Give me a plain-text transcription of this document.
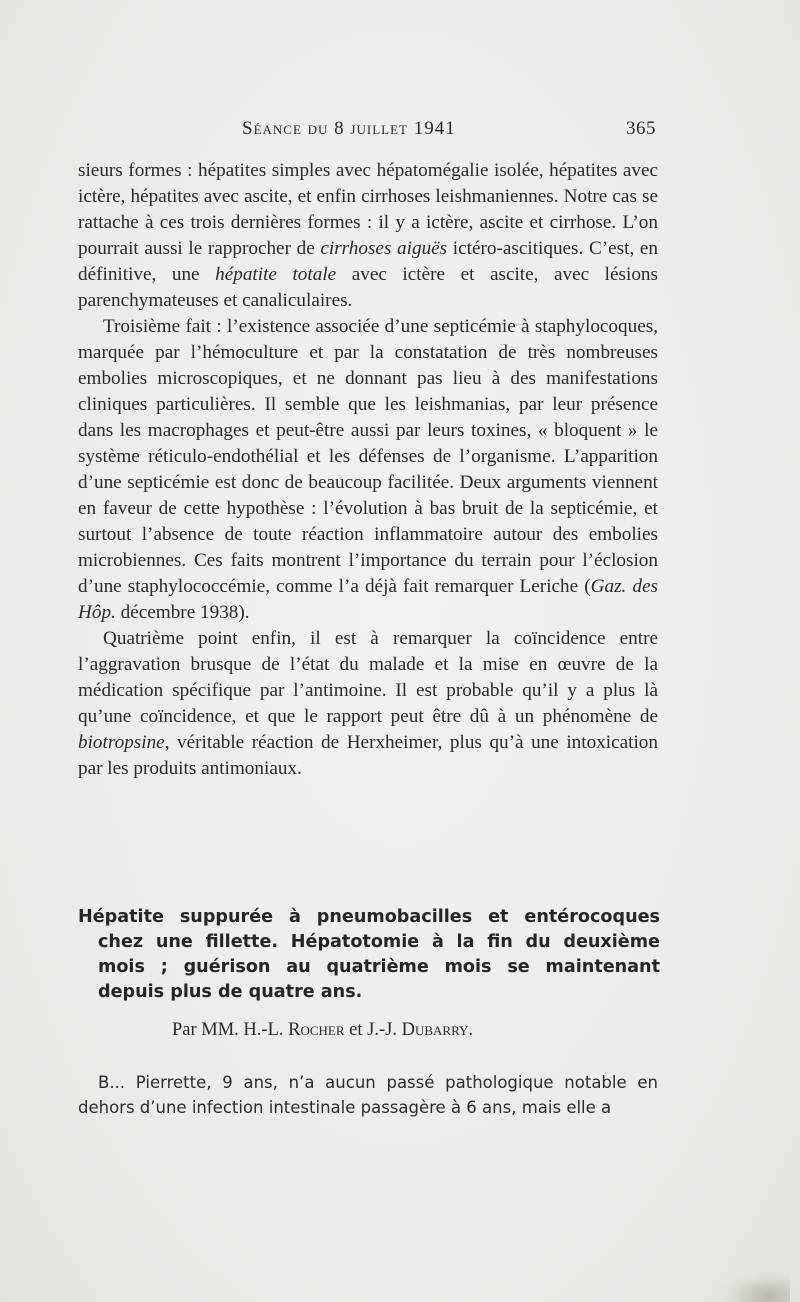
Séance du 8 juillet 1941	365

sieurs formes : hépatites simples avec hépatomégalie isolée, hépatites avec ictère, hépatites avec ascite, et enfin cirrhoses leishmaniennes. Notre cas se rattache à ces trois dernières formes : il y a ictère, ascite et cirrhose. L’on pourrait aussi le rapprocher de cirrhoses aiguës ictéro-ascitiques. C’est, en définitive, une hépatite totale avec ictère et ascite, avec lésions parenchymateuses et canaliculaires.

Troisième fait : l’existence associée d’une septicémie à staphylocoques, marquée par l’hémoculture et par la constatation de très nombreuses embolies microscopiques, et ne donnant pas lieu à des manifestations cliniques particulières. Il semble que les leishmanias, par leur présence dans les macrophages et peut-être aussi par leurs toxines, « bloquent » le système réticulo-endothélial et les défenses de l’organisme. L’apparition d’une septicémie est donc de beaucoup facilitée. Deux arguments viennent en faveur de cette hypothèse : l’évolution à bas bruit de la septicémie, et surtout l’absence de toute réaction inflammatoire autour des embolies microbiennes. Ces faits montrent l’importance du terrain pour l’éclosion d’une staphylococcémie, comme l’a déjà fait remarquer Leriche (Gaz. des Hôp. décembre 1938).

Quatrième point enfin, il est à remarquer la coïncidence entre l’aggravation brusque de l’état du malade et la mise en œuvre de la médication spécifique par l’antimoine. Il est probable qu’il y a plus là qu’une coïncidence, et que le rapport peut être dû à un phénomène de biotropsine, véritable réaction de Herxheimer, plus qu’à une intoxication par les produits antimoniaux.

Hépatite suppurée à pneumobacilles et entérocoques
chez une fillette. Hépatotomie à la fin du deuxième mois ; guérison au quatrième mois se maintenant depuis plus de quatre ans.
Par MM. H.-L. Rocher et J.-J. Dubarry.

B... Pierrette, 9 ans, n’a aucun passé pathologique notable en dehors d’une infection intestinale passagère à 6 ans, mais elle a
